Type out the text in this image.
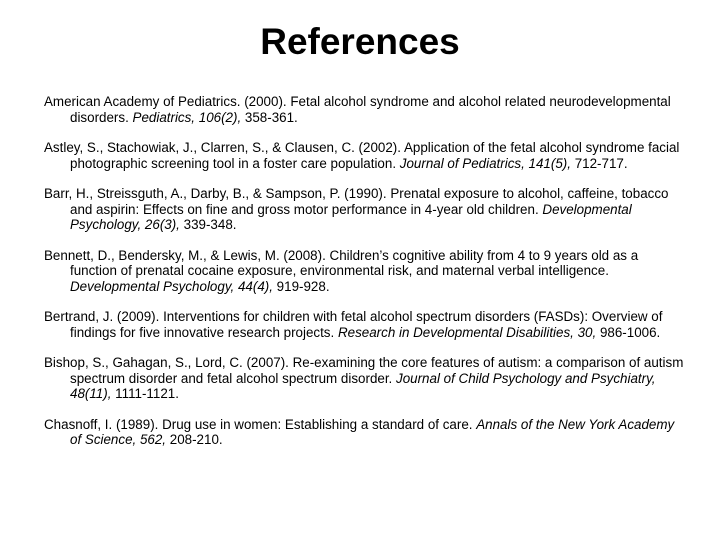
References

American Academy of Pediatrics. (2000). Fetal alcohol syndrome and alcohol related neurodevelopmental disorders. Pediatrics, 106(2), 358-361.

Astley, S., Stachowiak, J., Clarren, S., & Clausen, C. (2002). Application of the fetal alcohol syndrome facial photographic screening tool in a foster care population. Journal of Pediatrics, 141(5), 712-717.

Barr, H., Streissguth, A., Darby, B., & Sampson, P. (1990). Prenatal exposure to alcohol, caffeine, tobacco and aspirin: Effects on fine and gross motor performance in 4-year old children. Developmental Psychology, 26(3), 339-348.

Bennett, D., Bendersky, M., & Lewis, M. (2008). Children’s cognitive ability from 4 to 9 years old as a function of prenatal cocaine exposure, environmental risk, and maternal verbal intelligence. Developmental Psychology, 44(4), 919-928.

Bertrand, J. (2009). Interventions for children with fetal alcohol spectrum disorders (FASDs): Overview of findings for five innovative research projects. Research in Developmental Disabilities, 30, 986-1006.

Bishop, S., Gahagan, S., Lord, C. (2007). Re-examining the core features of autism: a comparison of autism spectrum disorder and fetal alcohol spectrum disorder. Journal of Child Psychology and Psychiatry, 48(11), 1111-1121.

Chasnoff, I. (1989). Drug use in women: Establishing a standard of care. Annals of the New York Academy of Science, 562, 208-210.
